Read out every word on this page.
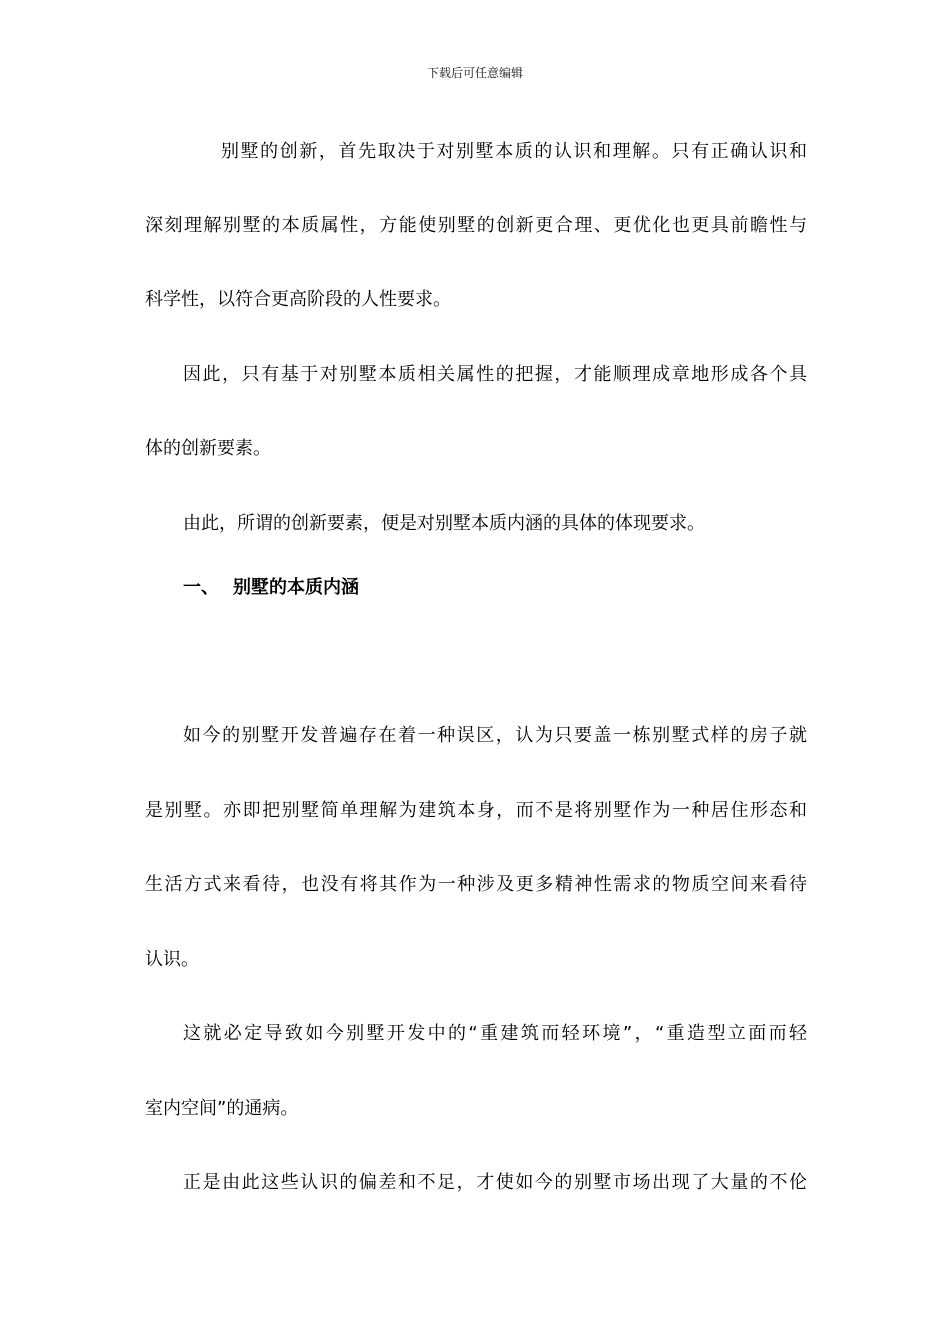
下载后可任意编辑
别墅的创新，首先取决于对别墅本质的认识和理解。只有正确认识和
深刻理解别墅的本质属性，方能使别墅的创新更合理、更优化也更具前瞻性与
科学性，以符合更高阶段的人性要求。
因此，只有基于对别墅本质相关属性的把握，才能顺理成章地形成各个具
体的创新要素。
由此，所谓的创新要素，便是对别墅本质内涵的具体的体现要求。
一、 别墅的本质内涵
如今的别墅开发普遍存在着一种误区，认为只要盖一栋别墅式样的房子就
是别墅。亦即把别墅简单理解为建筑本身，而不是将别墅作为一种居住形态和
生活方式来看待，也没有将其作为一种涉及更多精神性需求的物质空间来看待
认识。
这就必定导致如今别墅开发中的“重建筑而轻环境”，“重造型立面而轻
室内空间”的通病。
正是由此这些认识的偏差和不足，才使如今的别墅市场出现了大量的不伦
